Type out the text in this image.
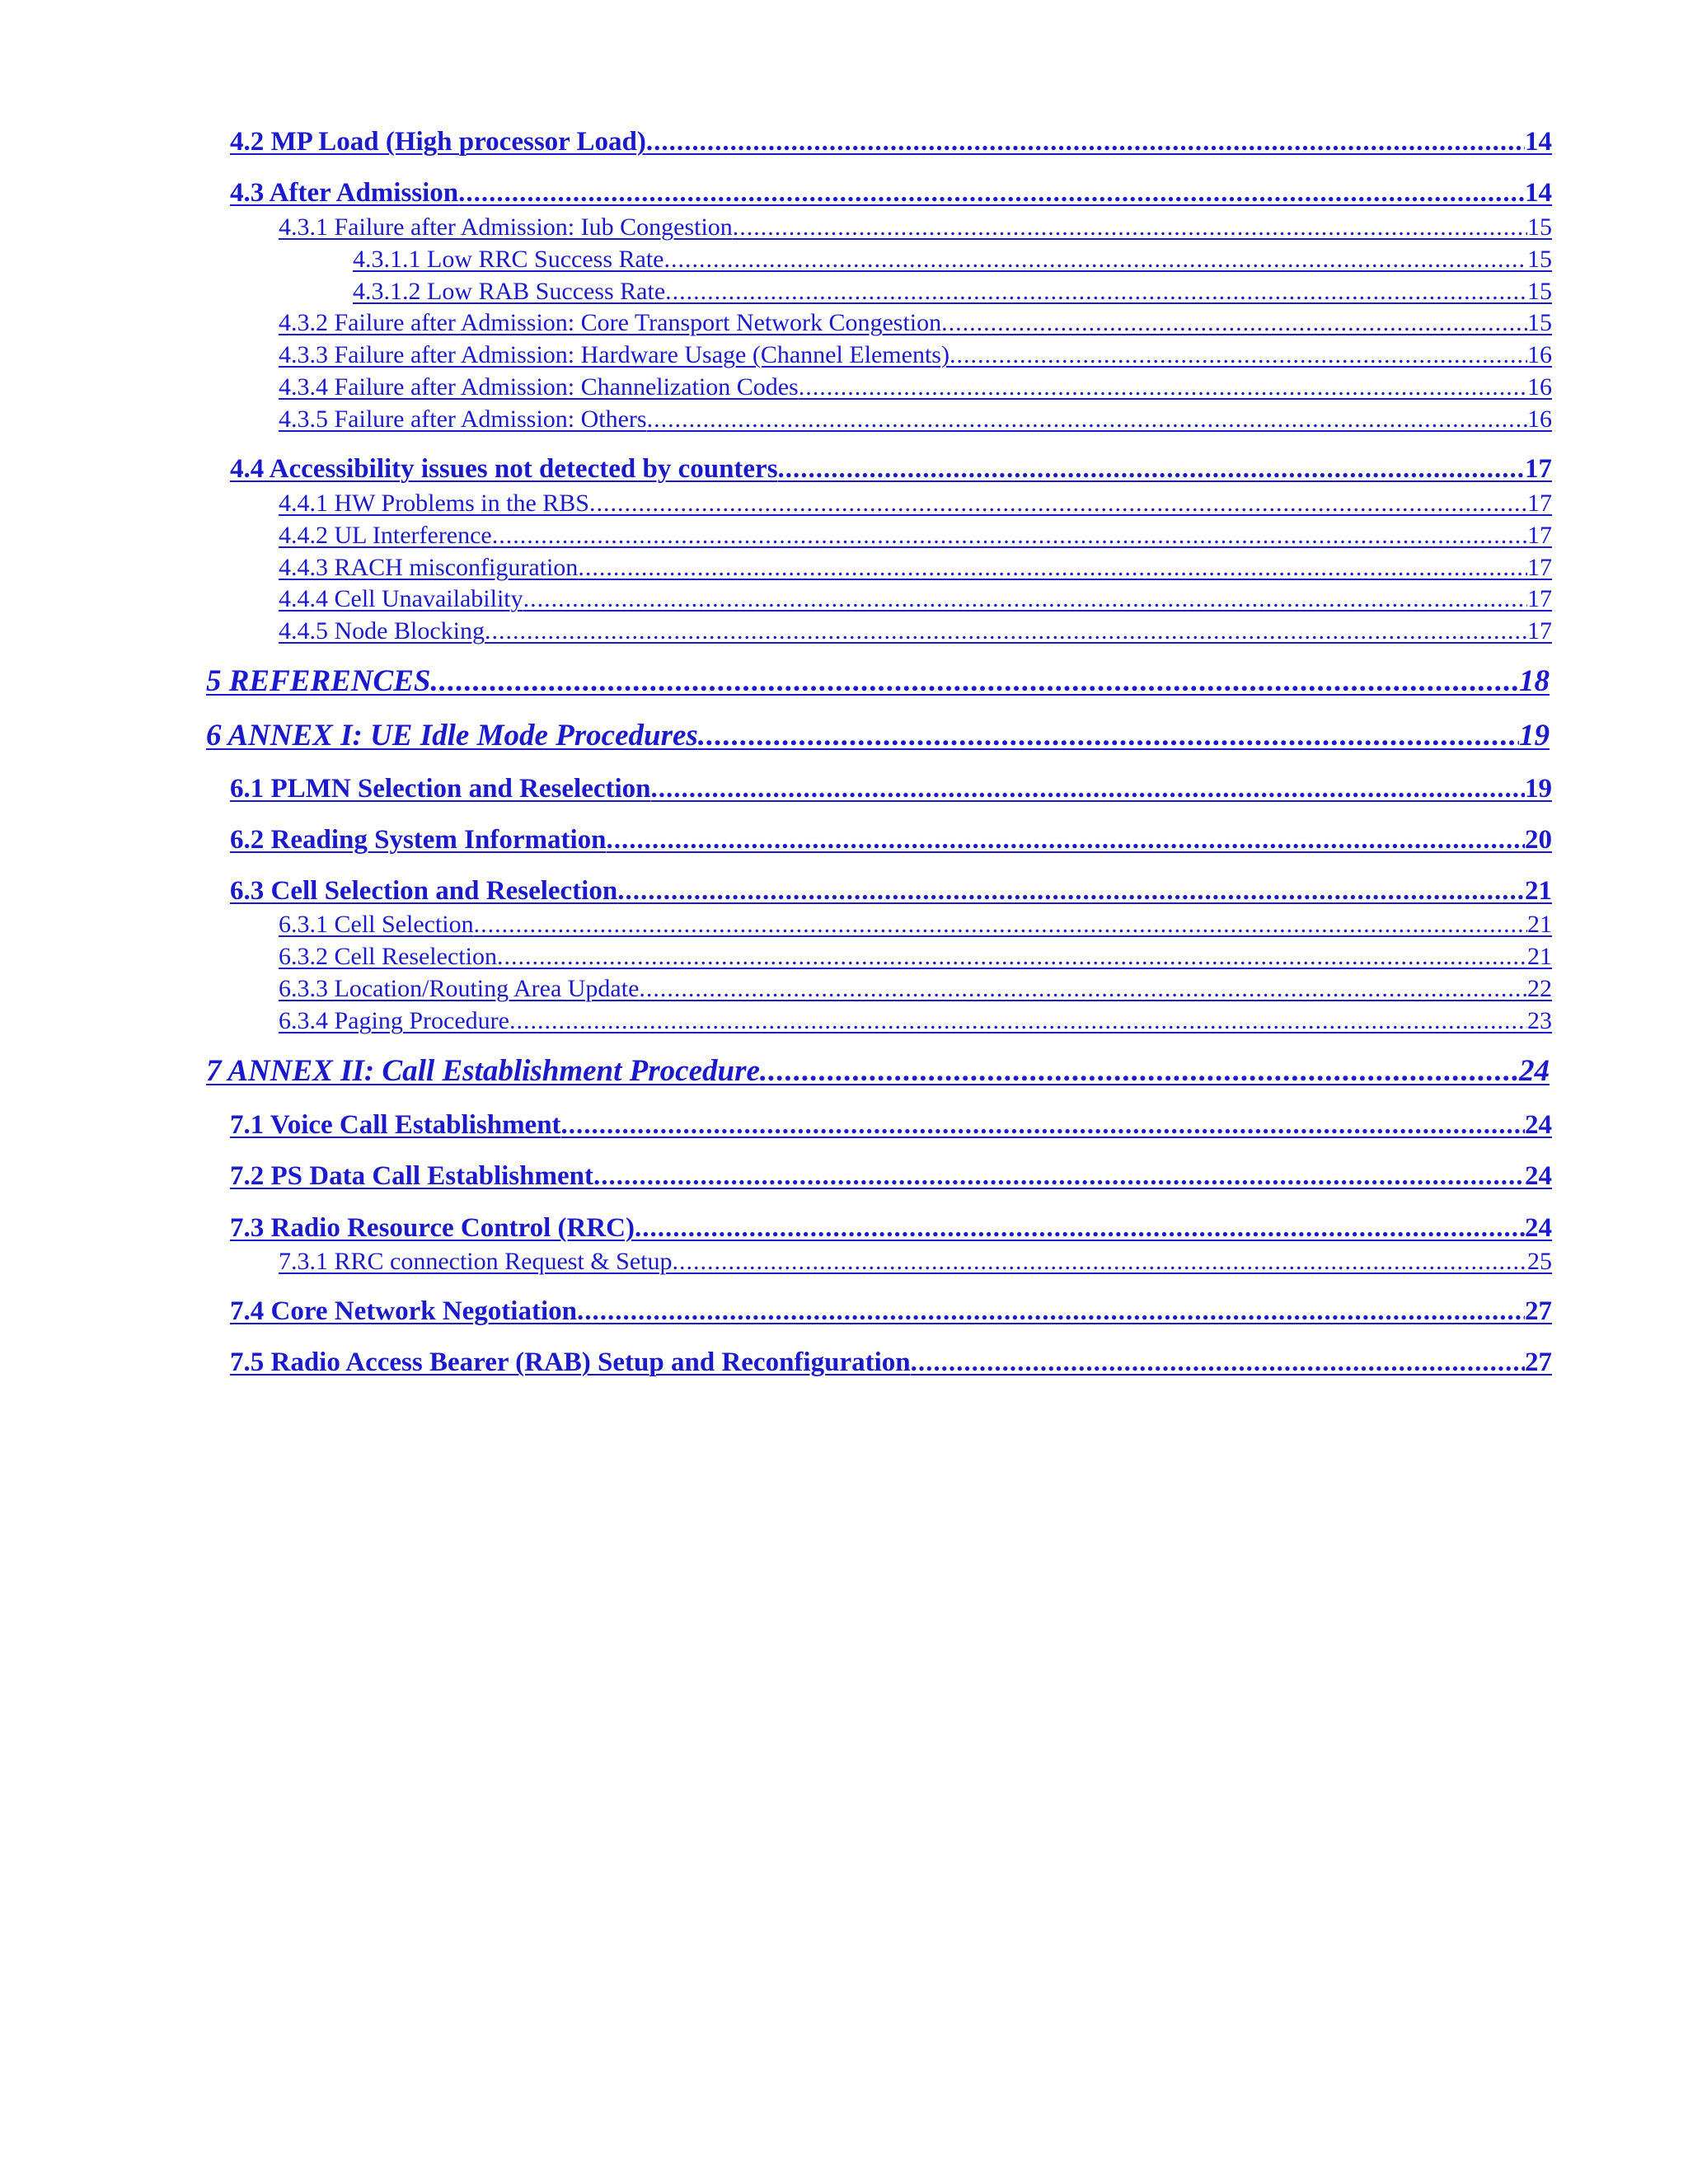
4.2 MP Load (High processor Load) .....	14
4.3 After Admission .....	14
4.3.1 Failure after Admission: Iub Congestion .....	15
4.3.1.1 Low RRC Success Rate .....	15
4.3.1.2 Low RAB Success Rate .....	15
4.3.2 Failure after Admission: Core Transport Network Congestion .....	15
4.3.3 Failure after Admission: Hardware Usage (Channel Elements) .....	16
4.3.4 Failure after Admission: Channelization Codes .....	16
4.3.5 Failure after Admission: Others .....	16
4.4 Accessibility issues not detected by counters .....	17
4.4.1 HW Problems in the RBS .....	17
4.4.2 UL Interference .....	17
4.4.3 RACH misconfiguration .....	17
4.4.4 Cell Unavailability .....	17
4.4.5 Node Blocking .....	17
5 REFERENCES .....	18
6 ANNEX I: UE Idle Mode Procedures .....	19
6.1 PLMN Selection and Reselection .....	19
6.2 Reading System Information .....	20
6.3 Cell Selection and Reselection .....	21
6.3.1 Cell Selection .....	21
6.3.2 Cell Reselection .....	21
6.3.3 Location/Routing Area Update .....	22
6.3.4 Paging Procedure .....	23
7 ANNEX II: Call Establishment Procedure .....	24
7.1 Voice Call Establishment .....	24
7.2 PS Data Call Establishment .....	24
7.3 Radio Resource Control (RRC) .....	24
7.3.1 RRC connection Request & Setup .....	25
7.4 Core Network Negotiation .....	27
7.5 Radio Access Bearer (RAB) Setup and Reconfiguration .....	27
